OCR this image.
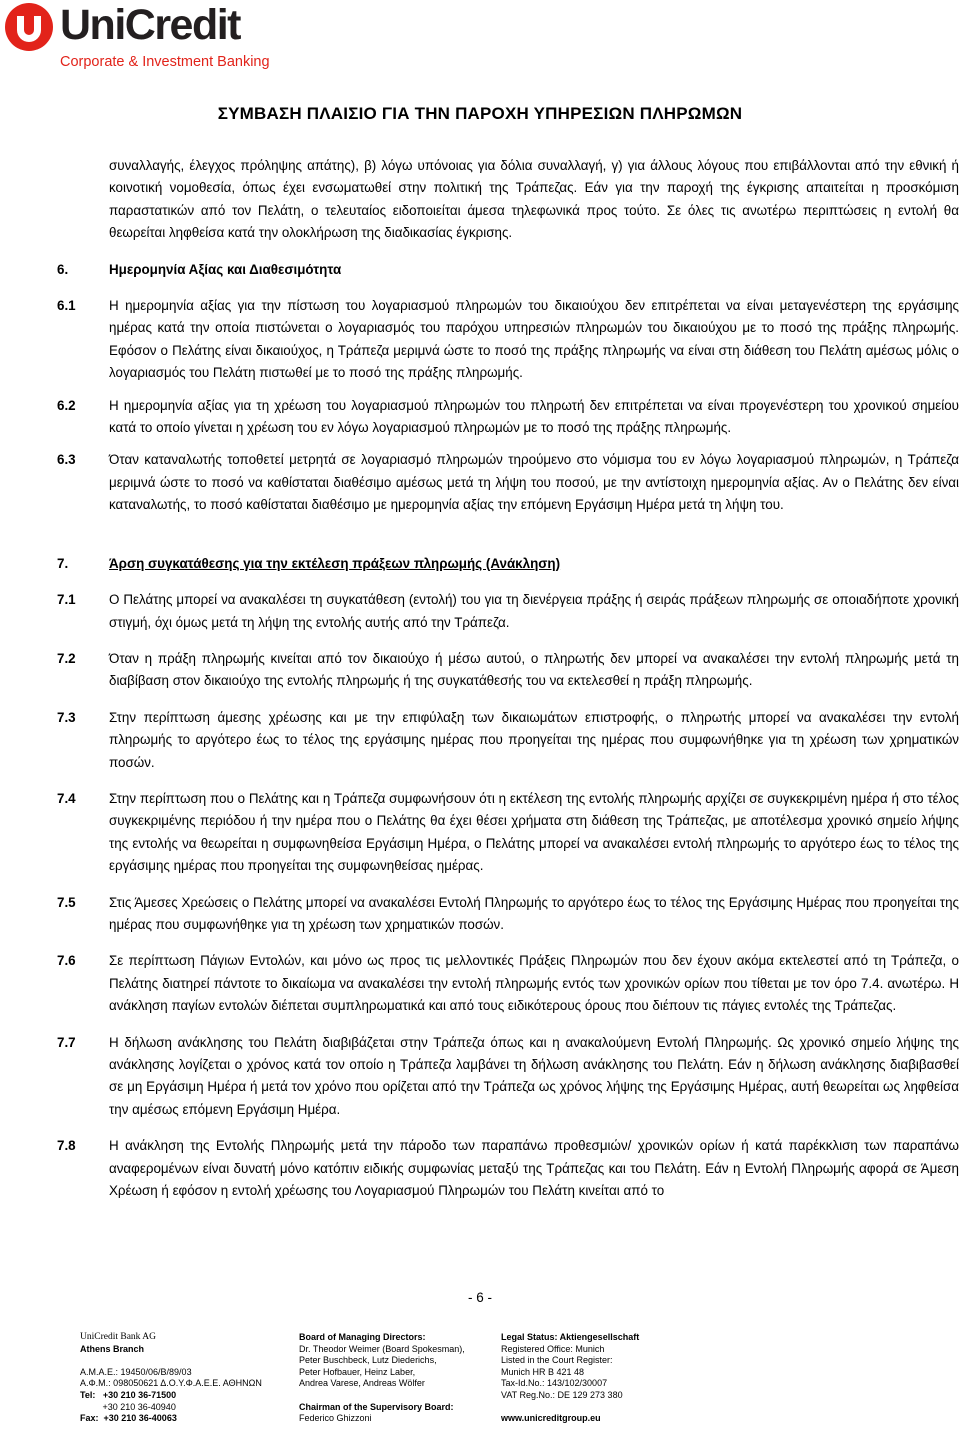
UniCredit
Corporate & Investment Banking
ΣΥΜΒΑΣΗ ΠΛΑΙΣΙΟ ΓΙΑ ΤΗΝ ΠΑΡΟΧΗ ΥΠΗΡΕΣΙΩΝ ΠΛΗΡΩΜΩΝ
συναλλαγής, έλεγχος πρόληψης απάτης), β) λόγω υπόνοιας για δόλια συναλλαγή, γ) για άλλους λόγους που επιβάλλονται από την εθνική ή κοινοτική νομοθεσία, όπως έχει ενσωματωθεί στην πολιτική της Τράπεζας. Εάν για την παροχή της έγκρισης απαιτείται η προσκόμιση παραστατικών από τον Πελάτη, ο τελευταίος ειδοποιείται άμεσα τηλεφωνικά προς τούτο. Σε όλες τις ανωτέρω περιπτώσεις η εντολή θα θεωρείται ληφθείσα κατά την ολοκλήρωση της διαδικασίας έγκρισης.
6.	Ημερομηνία Αξίας και Διαθεσιμότητα
6.1	Η ημερομηνία αξίας για την πίστωση του λογαριασμού πληρωμών του δικαιούχου δεν επιτρέπεται να είναι μεταγενέστερη της εργάσιμης ημέρας κατά την οποία πιστώνεται ο λογαριασμός του παρόχου υπηρεσιών πληρωμών του δικαιούχου με το ποσό της πράξης πληρωμής. Εφόσον ο Πελάτης είναι δικαιούχος, η Τράπεζα μεριμνά ώστε το ποσό της πράξης πληρωμής να είναι στη διάθεση του Πελάτη αμέσως μόλις ο λογαριασμός του Πελάτη πιστωθεί με το ποσό της πράξης πληρωμής.
6.2	Η ημερομηνία αξίας για τη χρέωση του λογαριασμού πληρωμών του πληρωτή δεν επιτρέπεται να είναι προγενέστερη του χρονικού σημείου κατά το οποίο γίνεται η χρέωση του εν λόγω λογαριασμού πληρωμών με το ποσό της πράξης πληρωμής.
6.3	Όταν καταναλωτής τοποθετεί μετρητά σε λογαριασμό πληρωμών τηρούμενο στο νόμισμα του εν λόγω λογαριασμού πληρωμών, η Τράπεζα μεριμνά ώστε το ποσό να καθίσταται διαθέσιμο αμέσως μετά τη λήψη του ποσού, με την αντίστοιχη ημερομηνία αξίας. Αν ο Πελάτης δεν είναι καταναλωτής, το ποσό καθίσταται διαθέσιμο με ημερομηνία αξίας την επόμενη Εργάσιμη Ημέρα μετά τη λήψη του.
7.	Άρση συγκατάθεσης για την εκτέλεση πράξεων πληρωμής (Ανάκληση)
7.1	Ο Πελάτης μπορεί να ανακαλέσει τη συγκατάθεση (εντολή) του για τη διενέργεια πράξης ή σειράς πράξεων πληρωμής σε οποιαδήποτε χρονική στιγμή, όχι όμως μετά τη λήψη της εντολής αυτής από την Τράπεζα.
7.2	Όταν η πράξη πληρωμής κινείται από τον δικαιούχο ή μέσω αυτού, ο πληρωτής δεν μπορεί να ανακαλέσει την εντολή πληρωμής μετά τη διαβίβαση στον δικαιούχο της εντολής πληρωμής ή της συγκατάθεσής του να εκτελεσθεί η πράξη πληρωμής.
7.3	Στην περίπτωση άμεσης χρέωσης και με την επιφύλαξη των δικαιωμάτων επιστροφής, ο πληρωτής μπορεί να ανακαλέσει την εντολή πληρωμής το αργότερο έως το τέλος της εργάσιμης ημέρας που προηγείται της ημέρας που συμφωνήθηκε για τη χρέωση των χρηματικών ποσών.
7.4	Στην περίπτωση που ο Πελάτης και η Τράπεζα συμφωνήσουν ότι η εκτέλεση της εντολής πληρωμής αρχίζει σε συγκεκριμένη ημέρα ή στο τέλος συγκεκριμένης περιόδου ή την ημέρα που ο Πελάτης θα έχει θέσει χρήματα στη διάθεση της Τράπεζας, με αποτέλεσμα χρονικό σημείο λήψης της εντολής να θεωρείται η συμφωνηθείσα Εργάσιμη Ημέρα, ο Πελάτης μπορεί να ανακαλέσει εντολή πληρωμής το αργότερο έως το τέλος της εργάσιμης ημέρας που προηγείται της συμφωνηθείσας ημέρας.
7.5	Στις Άμεσες Χρεώσεις ο Πελάτης μπορεί να ανακαλέσει Εντολή Πληρωμής το αργότερο έως το τέλος της Εργάσιμης Ημέρας που προηγείται της ημέρας που συμφωνήθηκε για τη χρέωση των χρηματικών ποσών.
7.6	Σε περίπτωση Πάγιων Εντολών, και μόνο ως προς τις μελλοντικές Πράξεις Πληρωμών που δεν έχουν ακόμα εκτελεστεί από τη Τράπεζα, ο Πελάτης διατηρεί πάντοτε το δικαίωμα να ανακαλέσει την εντολή πληρωμής εντός των χρονικών ορίων που τίθεται με τον όρο 7.4. ανωτέρω. Η ανάκληση παγίων εντολών διέπεται συμπληρωματικά και από τους ειδικότερους όρους που διέπουν τις πάγιες εντολές της Τράπεζας.
7.7	Η δήλωση ανάκλησης του Πελάτη διαβιβάζεται στην Τράπεζα όπως και η ανακαλούμενη Εντολή Πληρωμής. Ως χρονικό σημείο λήψης της ανάκλησης λογίζεται ο χρόνος κατά τον οποίο η Τράπεζα λαμβάνει τη δήλωση ανάκλησης του Πελάτη. Εάν η δήλωση ανάκλησης διαβιβασθεί σε μη Εργάσιμη Ημέρα ή μετά τον χρόνο που ορίζεται από την Τράπεζα ως χρόνος λήψης της Εργάσιμης Ημέρας, αυτή θεωρείται ως ληφθείσα την αμέσως επόμενη Εργάσιμη Ημέρα.
7.8	Η ανάκληση της Εντολής Πληρωμής μετά την πάροδο των παραπάνω προθεσμιών/ χρονικών ορίων ή κατά παρέκκλιση των παραπάνω αναφερομένων είναι δυνατή μόνο κατόπιν ειδικής συμφωνίας μεταξύ της Τράπεζας και του Πελάτη. Εάν η Εντολή Πληρωμής αφορά σε Άμεση Χρέωση ή εφόσον η εντολή χρέωσης του Λογαριασμού Πληρωμών του Πελάτη κινείται από το
- 6 -
UniCredit Bank AG
Athens Branch

Α.Μ.Α.Ε.: 19450/06/Β/89/03
Α.Φ.Μ.: 098050621 Δ.Ο.Υ.Φ.Α.Ε.Ε. ΑΘΗΝΩΝ
Tel:   +30 210 36-71500
+30 210 36-40940
Fax:  +30 210 36-40063
Board of Managing Directors:
Dr. Theodor Weimer (Board Spokesman),
Peter Buschbeck, Lutz Diederichs,
Peter Hofbauer, Heinz Laber,
Andrea Varese, Andreas Wölfer

Chairman of the Supervisory Board:
Federico Ghizzoni
Legal Status: Aktiengesellschaft
Registered Office: Munich
Listed in the Court Register:
Munich HR B 421 48
Tax-Id.No.: 143/102/30007
VAT Reg.No.: DE 129 273 380

www.unicreditgroup.eu
